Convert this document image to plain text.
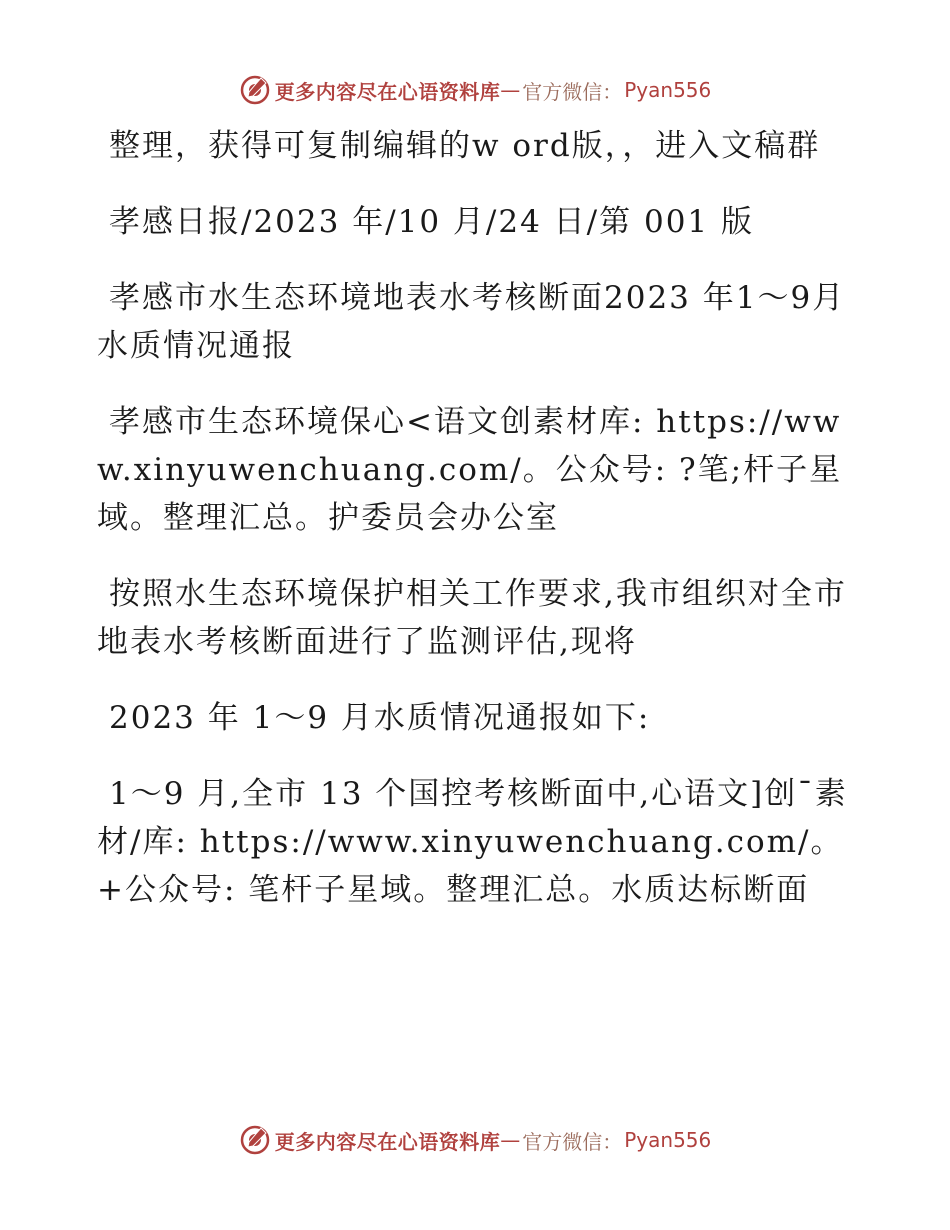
更多内容尽在心语资料库 — 官方微信： Pyan556

整理，获得可复制编辑的w ord版，，进入文稿群

孝感日报/2023 年/10 月/24 日/第 001 版

孝感市水生态环境地表水考核断面2023 年1～9月水质情况通报

孝感市生态环境保心<语文创素材库: https://www.xinyuwenchuang.com/。公众号: ?笔;杆子星域。整理汇总。护委员会办公室

按照水生态环境保护相关工作要求,我市组织对全市地表水考核断面进行了监测评估,现将

2023 年 1～9 月水质情况通报如下:

1～9 月,全市 13 个国控考核断面中,心语文]创¯素材/库: https://www.xinyuwenchuang.com/。+公众号: 笔杆子星域。整理汇总。水质达标断面

更多内容尽在心语资料库 — 官方微信： Pyan556
